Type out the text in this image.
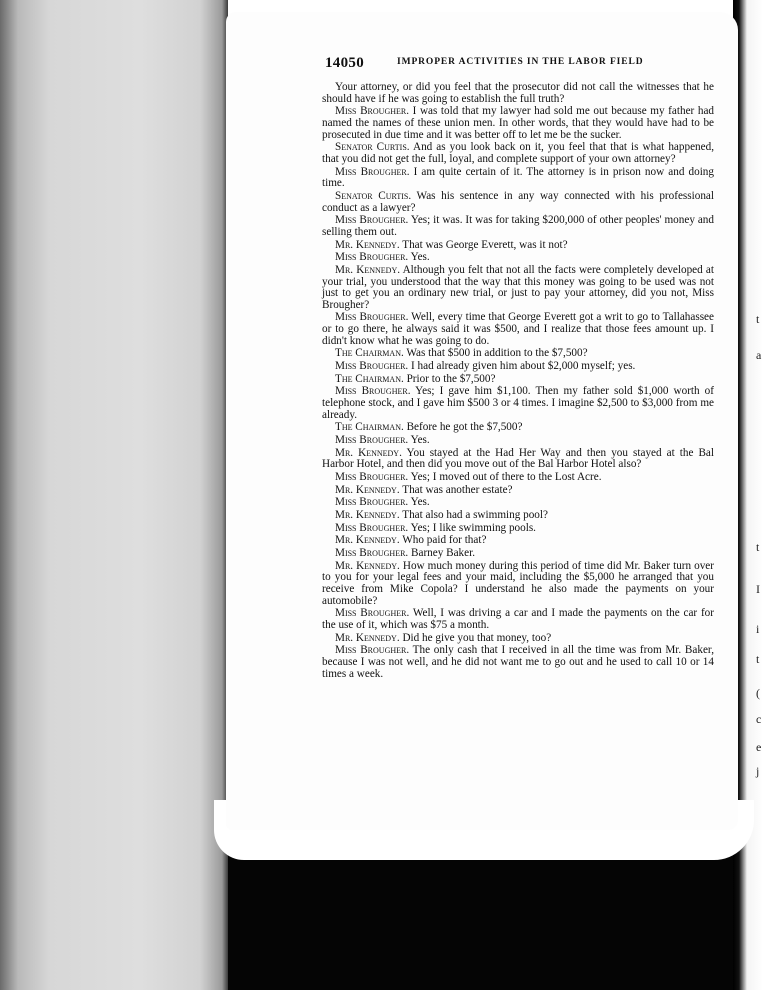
14050	IMPROPER ACTIVITIES IN THE LABOR FIELD

Your attorney, or did you feel that the prosecutor did not call the witnesses that he should have if he was going to establish the full truth?

Miss Brougher. I was told that my lawyer had sold me out because my father had named the names of these union men. In other words, that they would have had to be prosecuted in due time and it was better off to let me be the sucker.

Senator Curtis. And as you look back on it, you feel that that is what happened, that you did not get the full, loyal, and complete support of your own attorney?

Miss Brougher. I am quite certain of it. The attorney is in prison now and doing time.

Senator Curtis. Was his sentence in any way connected with his professional conduct as a lawyer?

Miss Brougher. Yes; it was. It was for taking $200,000 of other peoples' money and selling them out.

Mr. Kennedy. That was George Everett, was it not?

Miss Brougher. Yes.

Mr. Kennedy. Although you felt that not all the facts were completely developed at your trial, you understood that the way that this money was going to be used was not just to get you an ordinary new trial, or just to pay your attorney, did you not, Miss Brougher?

Miss Brougher. Well, every time that George Everett got a writ to go to Tallahassee or to go there, he always said it was $500, and I realize that those fees amount up. I didn't know what he was going to do.

The Chairman. Was that $500 in addition to the $7,500?

Miss Brougher. I had already given him about $2,000 myself; yes.

The Chairman. Prior to the $7,500?

Miss Brougher. Yes; I gave him $1,100. Then my father sold $1,000 worth of telephone stock, and I gave him $500 3 or 4 times. I imagine $2,500 to $3,000 from me already.

The Chairman. Before he got the $7,500?

Miss Brougher. Yes.

Mr. Kennedy. You stayed at the Had Her Way and then you stayed at the Bal Harbor Hotel, and then did you move out of the Bal Harbor Hotel also?

Miss Brougher. Yes; I moved out of there to the Lost Acre.

Mr. Kennedy. That was another estate?

Miss Brougher. Yes.

Mr. Kennedy. That also had a swimming pool?

Miss Brougher. Yes; I like swimming pools.

Mr. Kennedy. Who paid for that?

Miss Brougher. Barney Baker.

Mr. Kennedy. How much money during this period of time did Mr. Baker turn over to you for your legal fees and your maid, including the $5,000 he arranged that you receive from Mike Copola? I understand he also made the payments on your automobile?

Miss Brougher. Well, I was driving a car and I made the payments on the car for the use of it, which was $75 a month.

Mr. Kennedy. Did he give you that money, too?

Miss Brougher. The only cash that I received in all the time was from Mr. Baker, because I was not well, and he did not want me to go out and he used to call 10 or 14 times a week.

t
a
t
I
i
t
(
c
e
j
